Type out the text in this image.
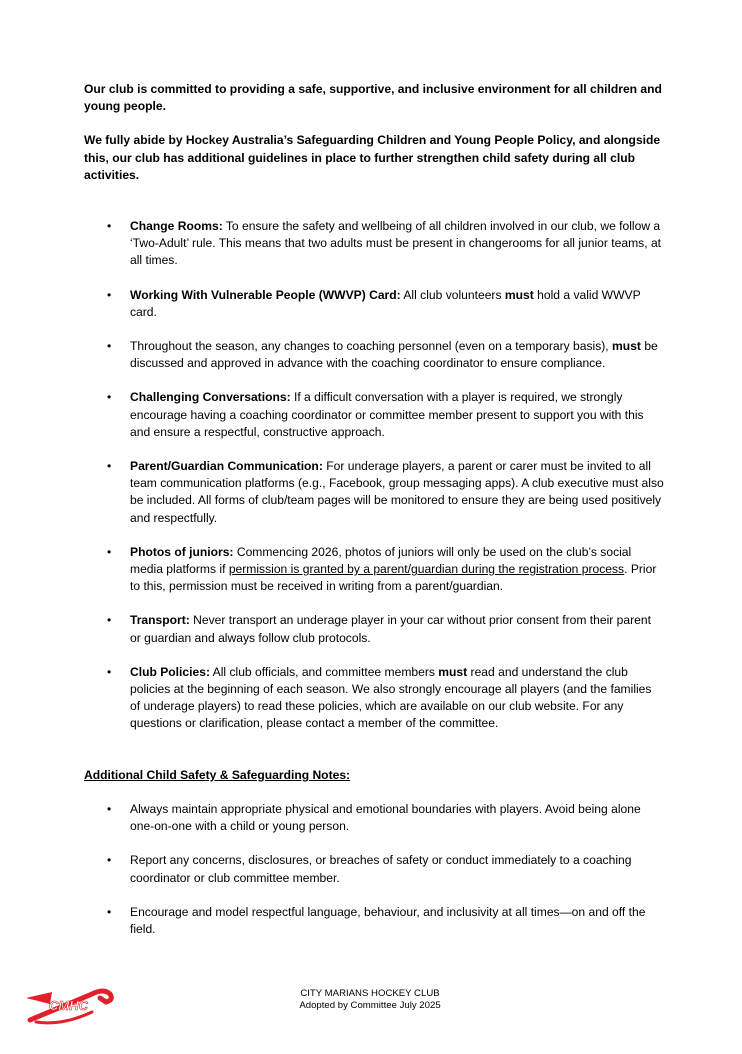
Our club is committed to providing a safe, supportive, and inclusive environment for all children and young people.

We fully abide by Hockey Australia’s Safeguarding Children and Young People Policy, and alongside this, our club has additional guidelines in place to further strengthen child safety during all club activities.

• Change Rooms: To ensure the safety and wellbeing of all children involved in our club, we follow a ‘Two-Adult’ rule. This means that two adults must be present in changerooms for all junior teams, at all times.
• Working With Vulnerable People (WWVP) Card: All club volunteers must hold a valid WWVP card.
• Throughout the season, any changes to coaching personnel (even on a temporary basis), must be discussed and approved in advance with the coaching coordinator to ensure compliance.
• Challenging Conversations: If a difficult conversation with a player is required, we strongly encourage having a coaching coordinator or committee member present to support you with this and ensure a respectful, constructive approach.
• Parent/Guardian Communication: For underage players, a parent or carer must be invited to all team communication platforms (e.g., Facebook, group messaging apps). A club executive must also be included. All forms of club/team pages will be monitored to ensure they are being used positively and respectfully.
• Photos of juniors: Commencing 2026, photos of juniors will only be used on the club’s social media platforms if permission is granted by a parent/guardian during the registration process. Prior to this, permission must be received in writing from a parent/guardian.
• Transport: Never transport an underage player in your car without prior consent from their parent or guardian and always follow club protocols.
• Club Policies: All club officials, and committee members must read and understand the club policies at the beginning of each season. We also strongly encourage all players (and the families of underage players) to read these policies, which are available on our club website. For any questions or clarification, please contact a member of the committee.

Additional Child Safety & Safeguarding Notes:

• Always maintain appropriate physical and emotional boundaries with players. Avoid being alone one-on-one with a child or young person.
• Report any concerns, disclosures, or breaches of safety or conduct immediately to a coaching coordinator or club committee member.
• Encourage and model respectful language, behaviour, and inclusivity at all times—on and off the field.
CMHC
CITY MARIANS HOCKEY CLUB
Adopted by Committee July 2025
